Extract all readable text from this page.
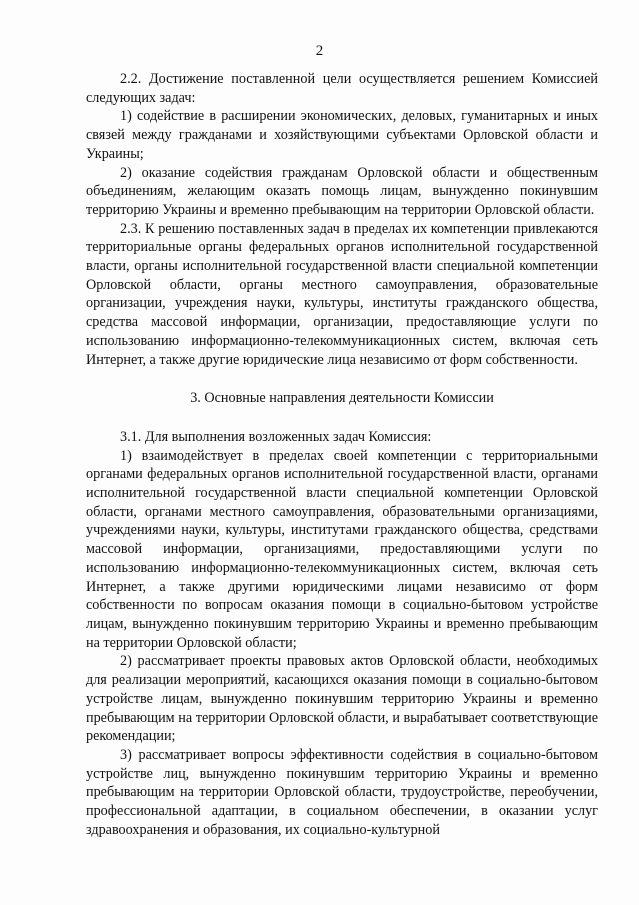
2

2.2. Достижение поставленной цели осуществляется решением Комиссией следующих задач:

1) содействие в расширении экономических, деловых, гуманитарных и иных связей между гражданами и хозяйствующими субъектами Орловской области и Украины;

2) оказание содействия гражданам Орловской области и общественным объединениям, желающим оказать помощь лицам, вынужденно покинувшим территорию Украины и временно пребывающим на территории Орловской области.

2.3. К решению поставленных задач в пределах их компетенции привлекаются территориальные органы федеральных органов исполнительной государственной власти, органы исполнительной государственной власти специальной компетенции Орловской области, органы местного самоуправления, образовательные организации, учреждения науки, культуры, институты гражданского общества, средства массовой информации, организации, предоставляющие услуги по использованию информационно-телекоммуникационных систем, включая сеть Интернет, а также другие юридические лица независимо от форм собственности.

3. Основные направления деятельности Комиссии

3.1. Для выполнения возложенных задач Комиссия:

1) взаимодействует в пределах своей компетенции с территориальными органами федеральных органов исполнительной государственной власти, органами исполнительной государственной власти специальной компетенции Орловской области, органами местного самоуправления, образовательными организациями, учреждениями науки, культуры, институтами гражданского общества, средствами массовой информации, организациями, предоставляющими услуги по использованию информационно-телекоммуникационных систем, включая сеть Интернет, а также другими юридическими лицами независимо от форм собственности по вопросам оказания помощи в социально-бытовом устройстве лицам, вынужденно покинувшим территорию Украины и временно пребывающим на территории Орловской области;

2) рассматривает проекты правовых актов Орловской области, необходимых для реализации мероприятий, касающихся оказания помощи в социально-бытовом устройстве лицам, вынужденно покинувшим территорию Украины и временно пребывающим на территории Орловской области, и вырабатывает соответствующие рекомендации;

3) рассматривает вопросы эффективности содействия в социально-бытовом устройстве лиц, вынужденно покинувшим территорию Украины и временно пребывающим на территории Орловской области, трудоустройстве, переобучении, профессиональной адаптации, в социальном обеспечении, в оказании услуг здравоохранения и образования, их социально-культурной
